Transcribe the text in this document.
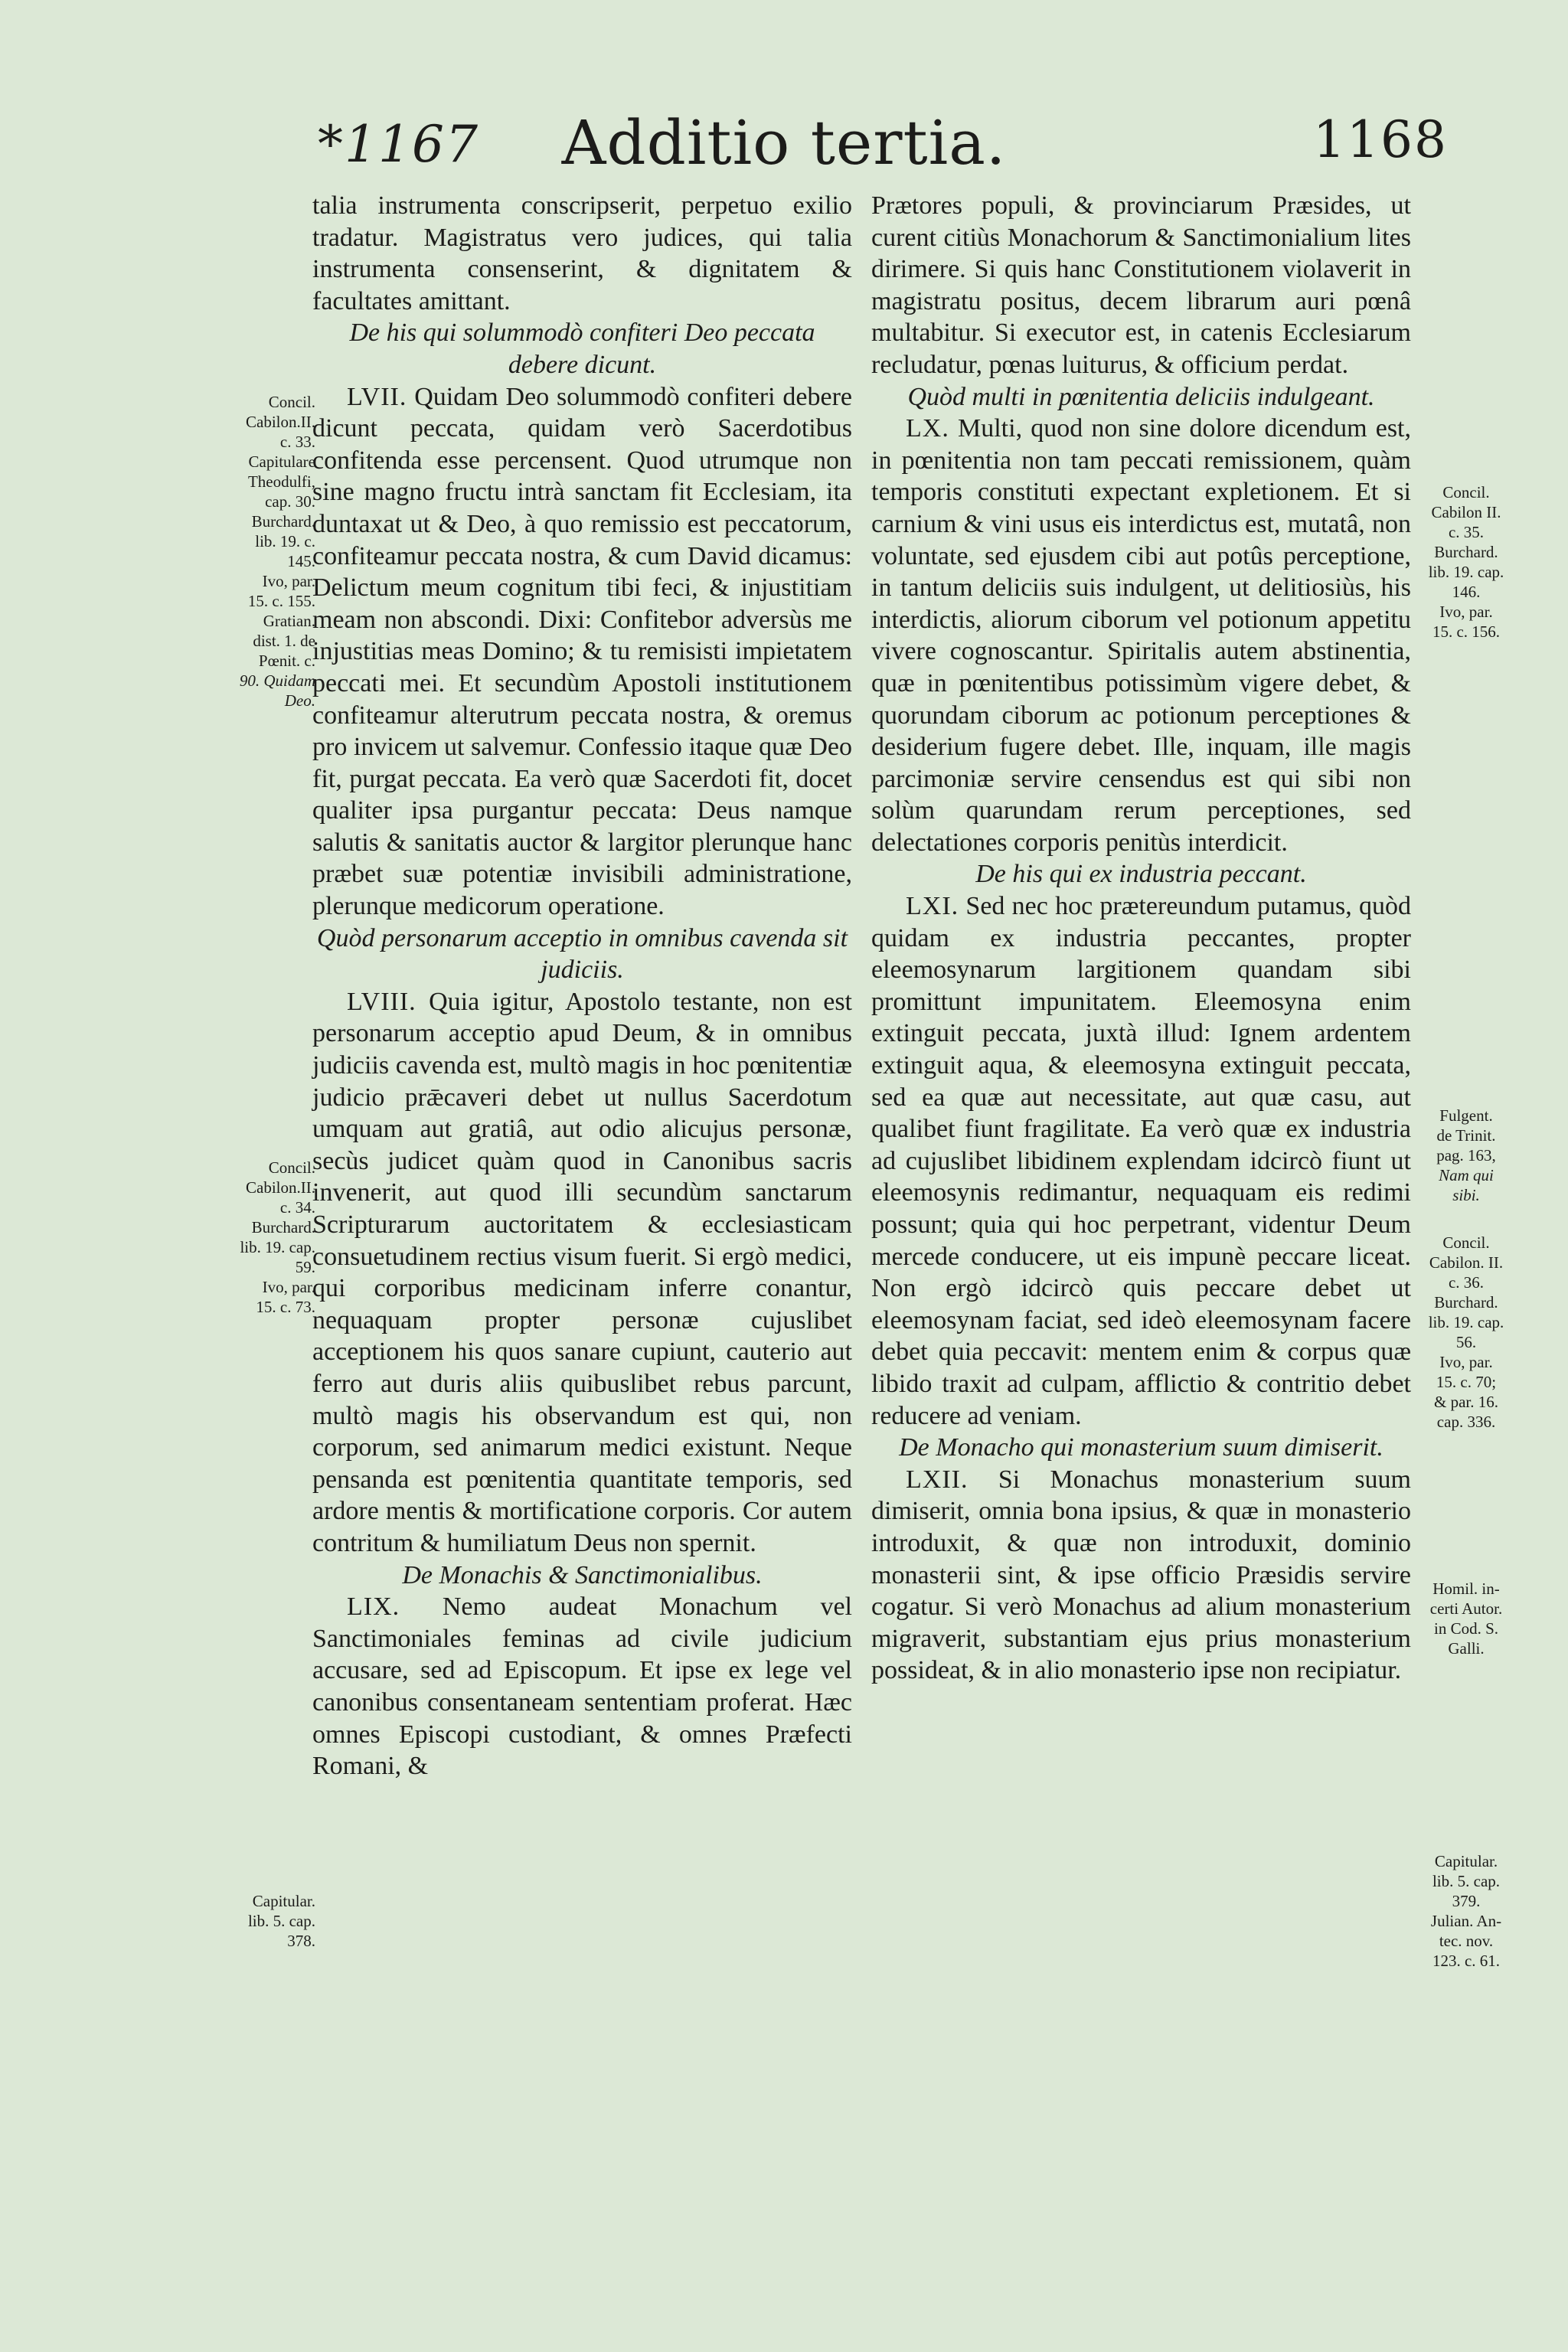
*1167	Additio tertia.	1168

talia instrumenta conscripserit, perpetuo exilio tradatur. Magistratus vero judices, qui talia instrumenta consenserint, & dignitatem & facultates amittant.

De his qui solummodò confiteri Deo peccata debere dicunt.

LVII. Quidam Deo solummodò confiteri debere dicunt peccata, quidam verò Sacerdotibus confitenda esse percensent. Quod utrumque non sine magno fructu intrà sanctam fit Ecclesiam, ita duntaxat ut & Deo, à quo remissio est peccatorum, confiteamur peccata nostra, & cum David dicamus: Delictum meum cognitum tibi feci, & injustitiam meam non abscondi. Dixi: Confitebor adversùs me injustitias meas Domino; & tu remisisti impietatem peccati mei. Et secundùm Apostoli institutionem confiteamur alterutrum peccata nostra, & oremus pro invicem ut salvemur. Confessio itaque quæ Deo fit, purgat peccata. Ea verò quæ Sacerdoti fit, docet qualiter ipsa purgantur peccata: Deus namque salutis & sanitatis auctor & largitor plerunque hanc præbet suæ potentiæ invisibili administratione, plerunque medicorum operatione.

Quòd personarum acceptio in omnibus cavenda sit judiciis.

LVIII. Quia igitur, Apostolo testante, non est personarum acceptio apud Deum, & in omnibus judiciis cavenda est, multò magis in hoc pœnitentiæ judicio prǣcaveri debet ut nullus Sacerdotum umquam aut gratiâ, aut odio alicujus personæ, secùs judicet quàm quod in Canonibus sacris invenerit, aut quod illi secundùm sanctarum Scripturarum auctoritatem & ecclesiasticam consuetudinem rectius visum fuerit. Si ergò medici, qui corporibus medicinam inferre conantur, nequaquam propter personæ cujuslibet acceptionem his quos sanare cupiunt, cauterio aut ferro aut duris aliis quibuslibet rebus parcunt, multò magis his observandum est qui, non corporum, sed animarum medici existunt. Neque pensanda est pœnitentia quantitate temporis, sed ardore mentis & mortificatione corporis. Cor autem contritum & humiliatum Deus non spernit.

De Monachis & Sanctimonialibus.

LIX. Nemo audeat Monachum vel Sanctimoniales feminas ad civile judicium accusare, sed ad Episcopum. Et ipse ex lege vel canonibus consentaneam sententiam proferat. Hæc omnes Episcopi custodiant, & omnes Præfecti Romani, &

Prætores populi, & provinciarum Præsides, ut curent citiùs Monachorum & Sanctimonialium lites dirimere. Si quis hanc Constitutionem violaverit in magistratu positus, decem librarum auri pœnâ multabitur. Si executor est, in catenis Ecclesiarum recludatur, pœnas luiturus, & officium perdat.

Quòd multi in pœnitentia deliciis indulgeant.

LX. Multi, quod non sine dolore dicendum est, in pœnitentia non tam peccati remissionem, quàm temporis constituti expectant expletionem. Et si carnium & vini usus eis interdictus est, mutatâ, non voluntate, sed ejusdem cibi aut potûs perceptione, in tantum deliciis suis indulgent, ut delitiosiùs, his interdictis, aliorum ciborum vel potionum appetitu vivere cognoscantur. Spiritalis autem abstinentia, quæ in pœnitentibus potissimùm vigere debet, & quorundam ciborum ac potionum perceptiones & desiderium fugere debet. Ille, inquam, ille magis parcimoniæ servire censendus est qui sibi non solùm quarundam rerum perceptiones, sed delectationes corporis penitùs interdicit.

De his qui ex industria peccant.

LXI. Sed nec hoc prætereundum putamus, quòd quidam ex industria peccantes, propter eleemosynarum largitionem quandam sibi promittunt impunitatem. Eleemosyna enim extinguit peccata, juxtà illud: Ignem ardentem extinguit aqua, & eleemosyna extinguit peccata, sed ea quæ aut necessitate, aut quæ casu, aut qualibet fiunt fragilitate. Ea verò quæ ex industria ad cujuslibet libidinem explendam idcircò fiunt ut eleemosynis redimantur, nequaquam eis redimi possunt; quia qui hoc perpetrant, videntur Deum mercede conducere, ut eis impunè peccare liceat. Non ergò idcircò quis peccare debet ut eleemosynam faciat, sed ideò eleemosynam facere debet quia peccavit: mentem enim & corpus quæ libido traxit ad culpam, afflictio & contritio debet reducere ad veniam.

De Monacho qui monasterium suum dimiserit.

LXII. Si Monachus monasterium suum dimiserit, omnia bona ipsius, & quæ in monasterio introduxit, & quæ non introduxit, dominio monasterii sint, & ipse officio Præsidis servire cogatur. Si verò Monachus ad alium monasterium migraverit, substantiam ejus prius monasterium possideat, & in alio monasterio ipse non recipiatur.

Concil.
Cabilon.II.
c. 33.
Capitulare
Theodulfi,
cap. 30.
Burchard.
lib. 19. c.
145.
Ivo, par.
15. c. 155.
Gratian.
dist. 1. de
Pœnit. c.
90. Quidam
Deo.
Concil.
Cabilon.II.
c. 34.
Burchard.
lib. 19. cap.
59.
Ivo, par.
15. c. 73.
Capitular.
lib. 5. cap.
378.
Concil.
Cabilon II.
c. 35.
Burchard.
lib. 19. cap.
146.
Ivo, par.
15. c. 156.
Fulgent.
de Trinit.
pag. 163,
Nam qui
sibi.
Concil.
Cabilon. II.
c. 36.
Burchard.
lib. 19. cap.
56.
Ivo, par.
15. c. 70;
& par. 16.
cap. 336.
Homil. in-
certi Autor.
in Cod. S.
Galli.
Capitular.
lib. 5. cap.
379.
Julian. An-
tec. nov.
123. c. 61.
